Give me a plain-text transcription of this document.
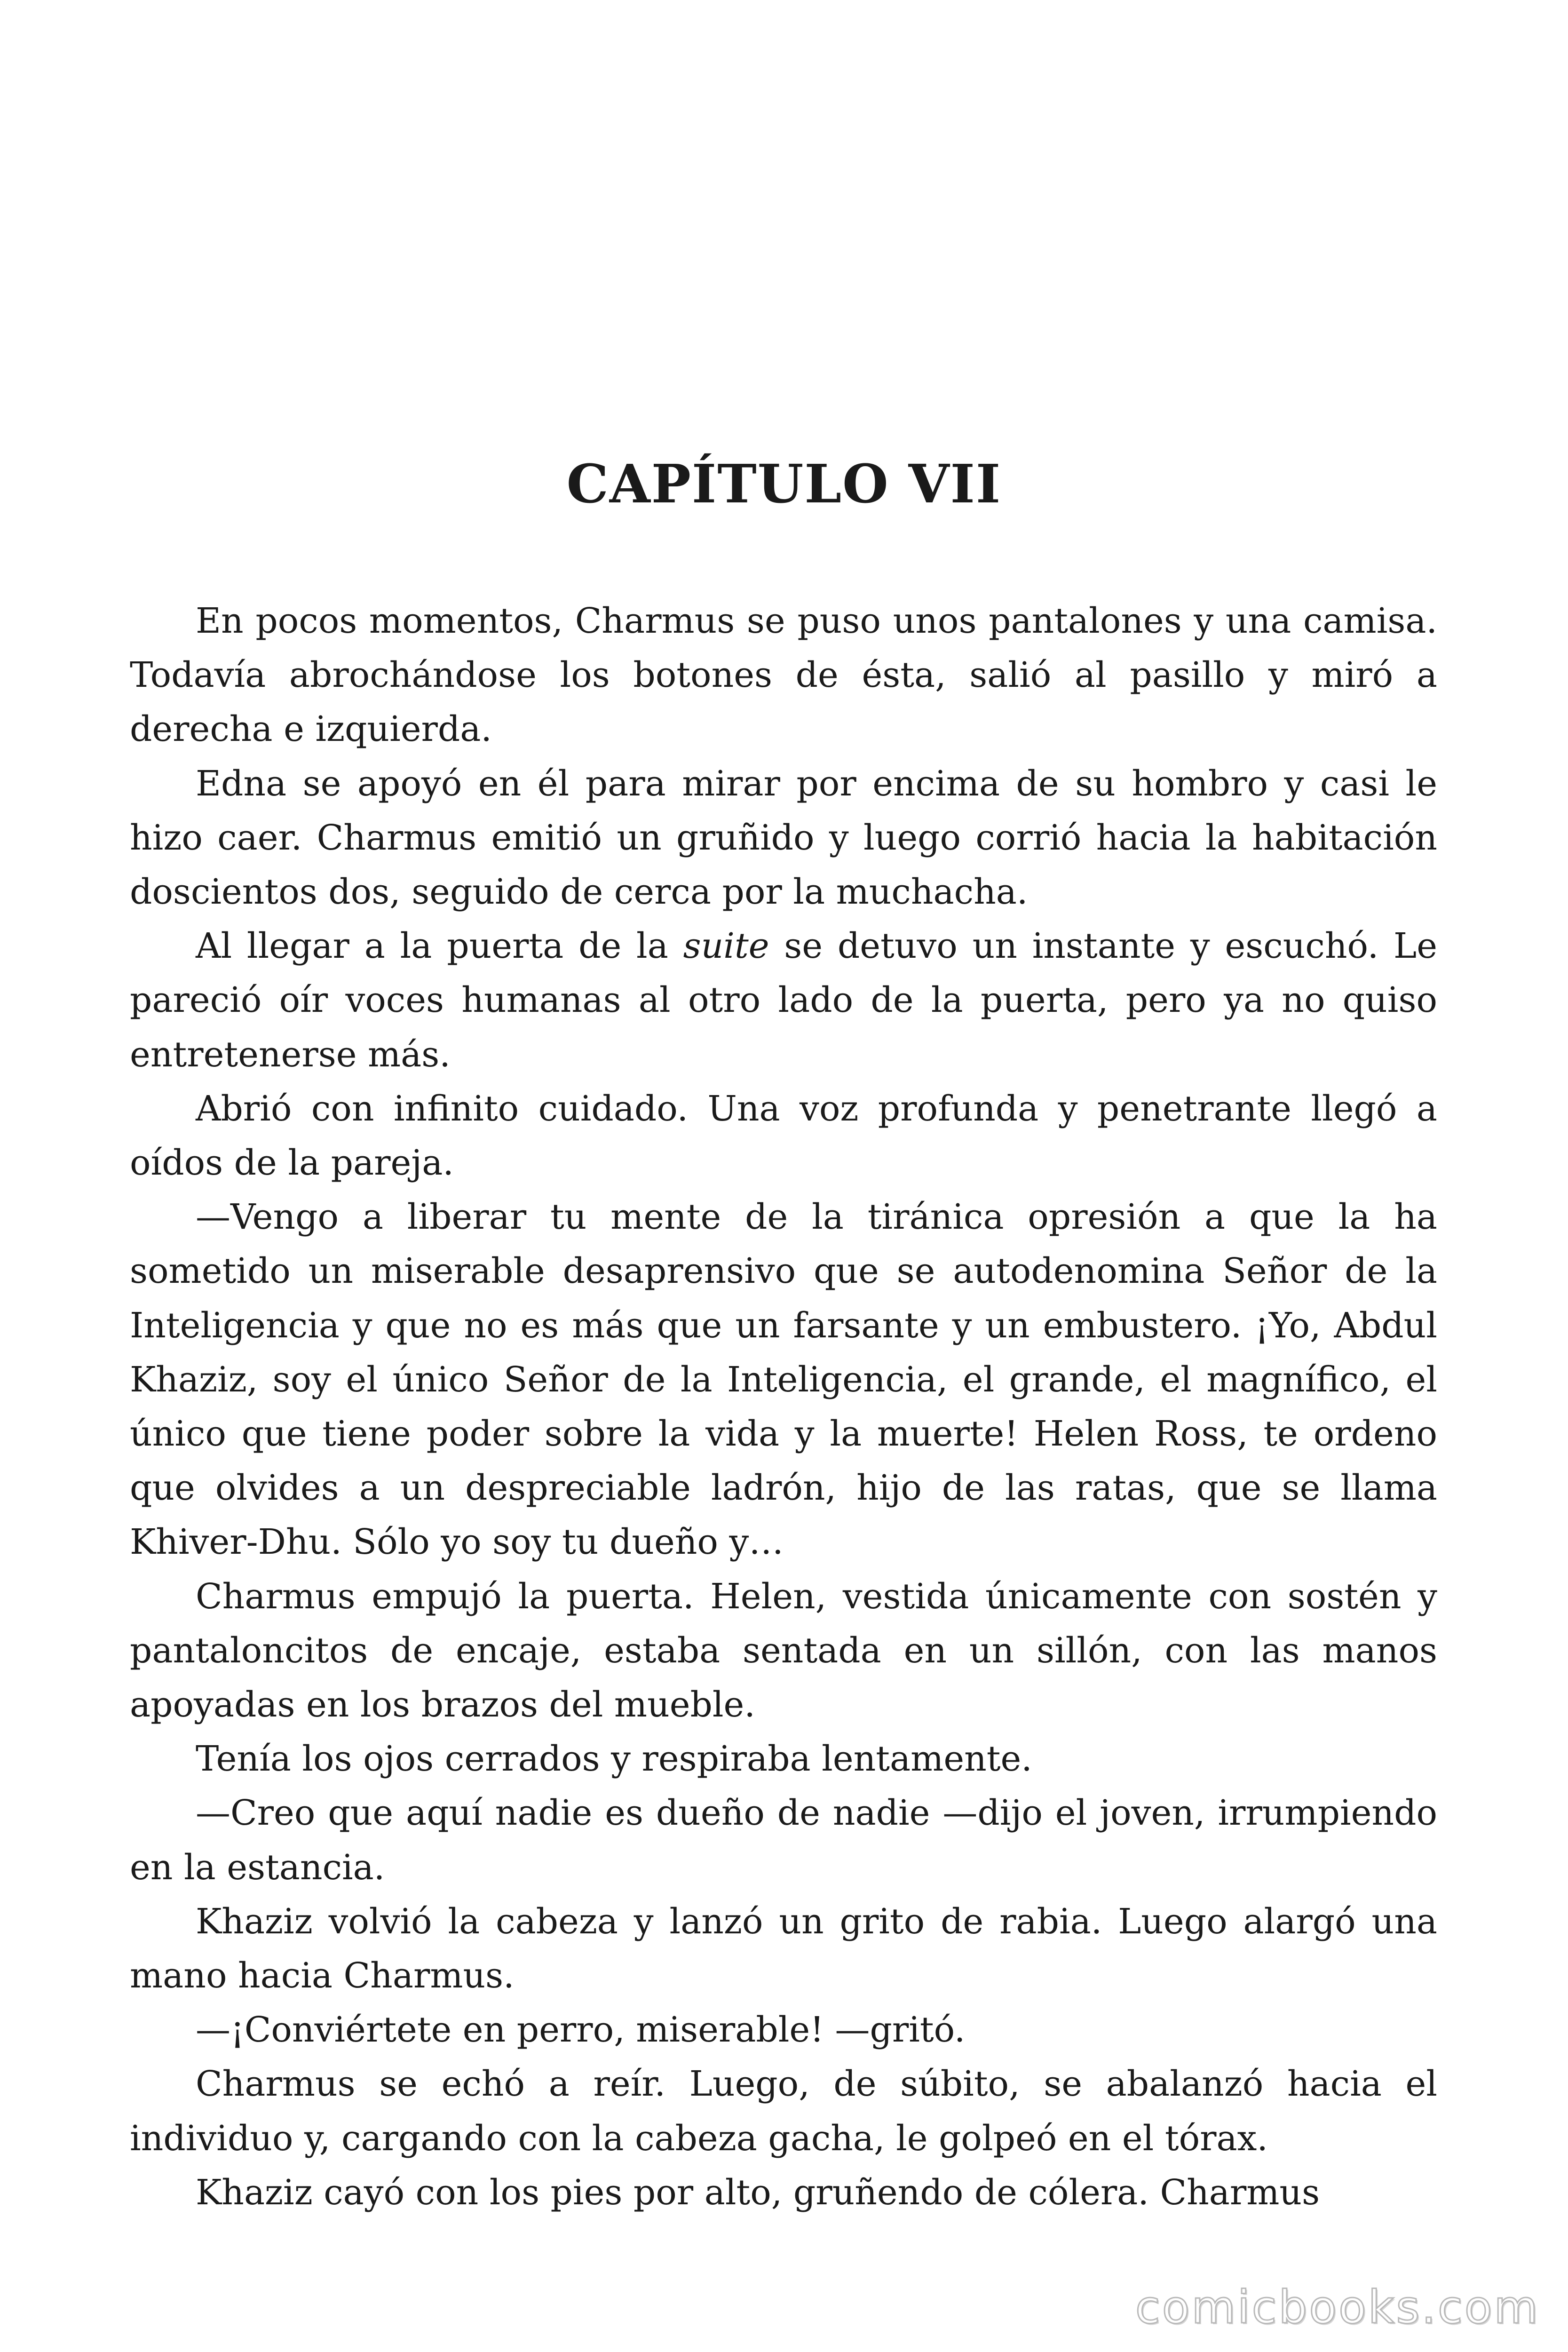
CAPÍTULO VII

En pocos momentos, Charmus se puso unos pantalones y una camisa. Todavía abrochándose los botones de ésta, salió al pasillo y miró a derecha e izquierda.

Edna se apoyó en él para mirar por encima de su hombro y casi le hizo caer. Charmus emitió un gruñido y luego corrió hacia la habitación doscientos dos, seguido de cerca por la muchacha.

Al llegar a la puerta de la suite se detuvo un instante y escuchó. Le pareció oír voces humanas al otro lado de la puerta, pero ya no quiso entretenerse más.

Abrió con infinito cuidado. Una voz profunda y penetrante llegó a oídos de la pareja.

—Vengo a liberar tu mente de la tiránica opresión a que la ha sometido un miserable desaprensivo que se autodenomina Señor de la Inteligencia y que no es más que un farsante y un embustero. ¡Yo, Abdul Khaziz, soy el único Señor de la Inteligencia, el grande, el magnífico, el único que tiene poder sobre la vida y la muerte! Helen Ross, te ordeno que olvides a un despreciable ladrón, hijo de las ratas, que se llama Khiver-Dhu. Sólo yo soy tu dueño y…

Charmus empujó la puerta. Helen, vestida únicamente con sostén y pantaloncitos de encaje, estaba sentada en un sillón, con las manos apoyadas en los brazos del mueble.

Tenía los ojos cerrados y respiraba lentamente.

—Creo que aquí nadie es dueño de nadie —dijo el joven, irrumpiendo en la estancia.

Khaziz volvió la cabeza y lanzó un grito de rabia. Luego alargó una mano hacia Charmus.

—¡Conviértete en perro, miserable! —gritó.

Charmus se echó a reír. Luego, de súbito, se abalanzó hacia el individuo y, cargando con la cabeza gacha, le golpeó en el tórax.

Khaziz cayó con los pies por alto, gruñendo de cólera. Charmus

comicbooks.com
